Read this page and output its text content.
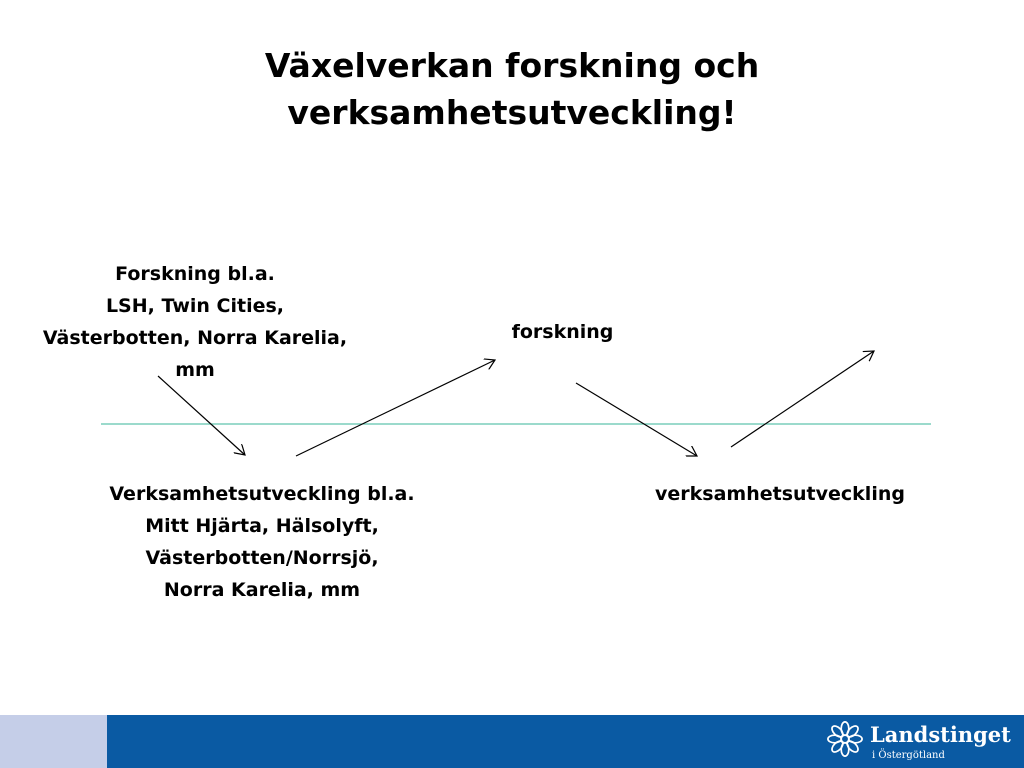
Växelverkan forskning och
verksamhetsutveckling!
Forskning bl.a.
LSH, Twin Cities,
Västerbotten, Norra Karelia,
mm
Verksamhetsutveckling bl.a.
Mitt Hjärta, Hälsolyft,
Västerbotten/Norrsjö,
Norra Karelia, mm
forskning
verksamhetsutveckling
Landstinget
i Östergötland
